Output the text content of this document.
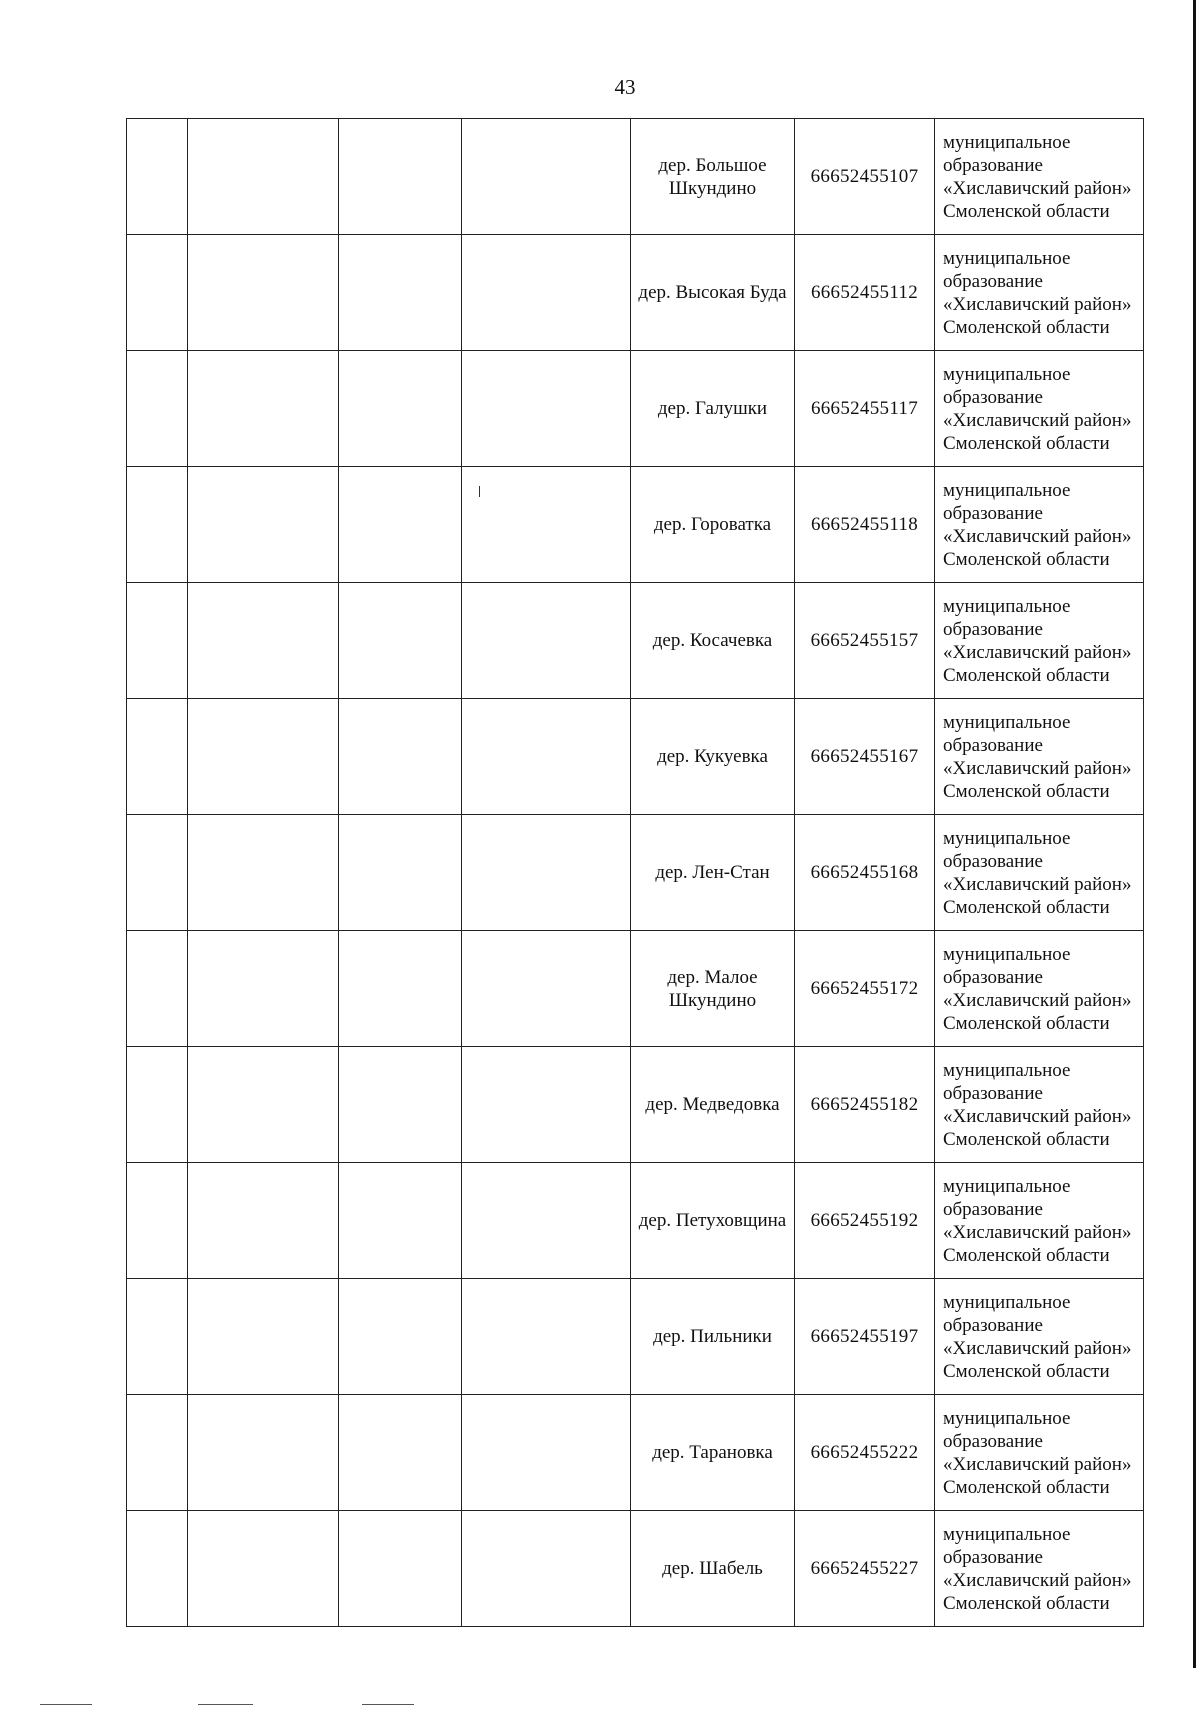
43
				дер. Большое Шкундино	66652455107	муниципальное образование «Хиславичский район» Смоленской области
				дер. Высокая Буда	66652455112	муниципальное образование «Хиславичский район» Смоленской области
				дер. Галушки	66652455117	муниципальное образование «Хиславичский район» Смоленской области
				дер. Гороватка	66652455118	муниципальное образование «Хиславичский район» Смоленской области
				дер. Косачевка	66652455157	муниципальное образование «Хиславичский район» Смоленской области
				дер. Кукуевка	66652455167	муниципальное образование «Хиславичский район» Смоленской области
				дер. Лен-Стан	66652455168	муниципальное образование «Хиславичский район» Смоленской области
				дер. Малое Шкундино	66652455172	муниципальное образование «Хиславичский район» Смоленской области
				дер. Медведовка	66652455182	муниципальное образование «Хиславичский район» Смоленской области
				дер. Петуховщина	66652455192	муниципальное образование «Хиславичский район» Смоленской области
				дер. Пильники	66652455197	муниципальное образование «Хиславичский район» Смоленской области
				дер. Тарановка	66652455222	муниципальное образование «Хиславичский район» Смоленской области
				дер. Шабель	66652455227	муниципальное образование «Хиславичский район» Смоленской области
